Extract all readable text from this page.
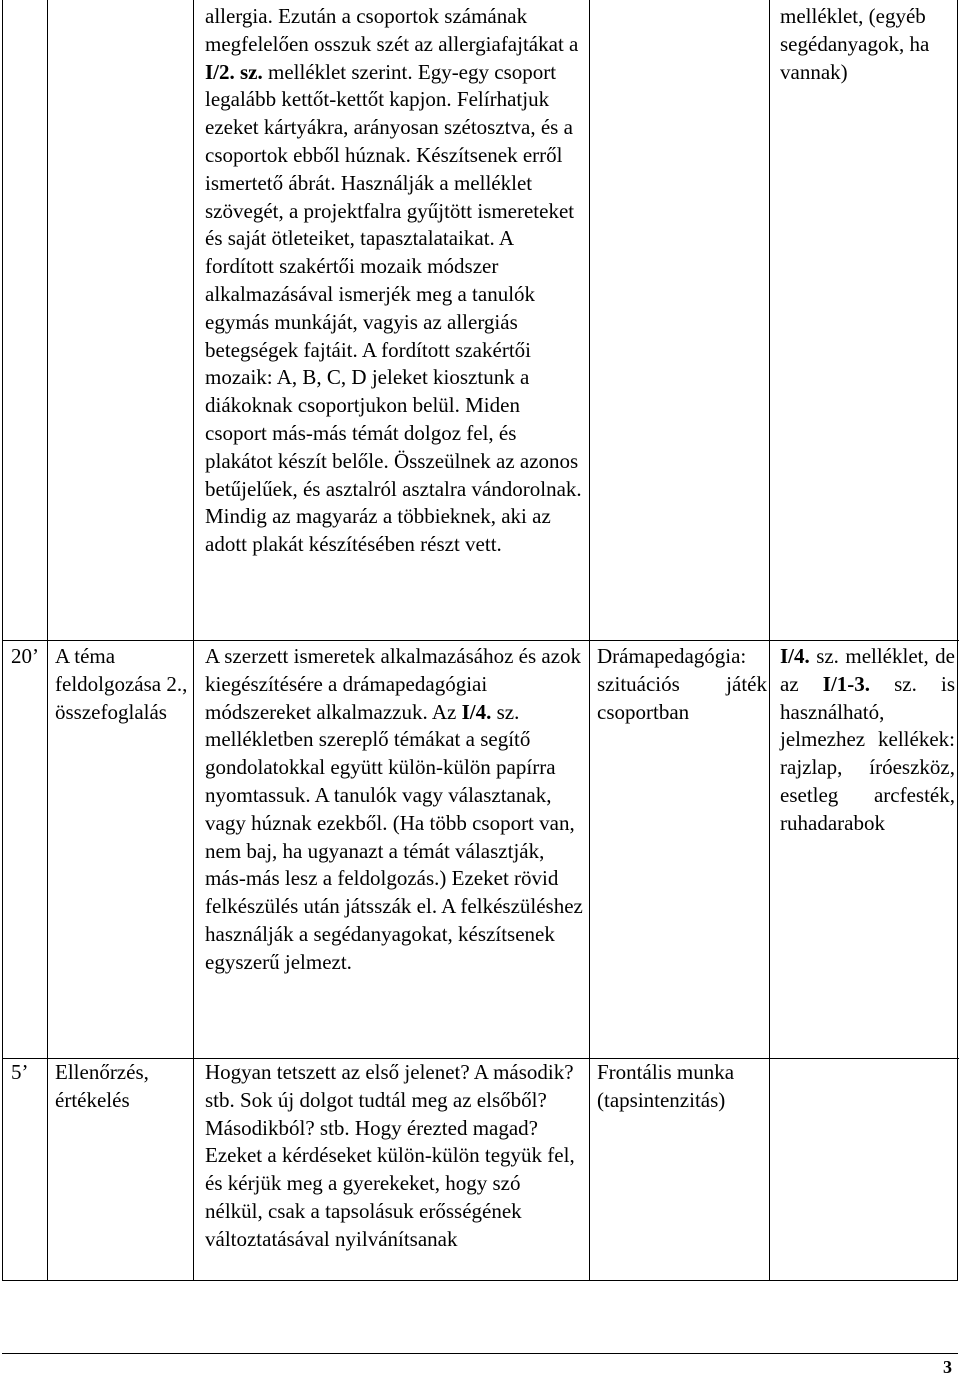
allergia. Ezután a csoportok számának megfelelően osszuk szét az allergiafajtákat a I/2. sz. melléklet szerint. Egy-egy csoport legalább kettőt-kettőt kapjon. Felírhatjuk ezeket kártyákra, arányosan szétosztva, és a csoportok ebből húznak. Készítsenek erről ismertető ábrát. Használják a melléklet szövegét, a projektfalra gyűjtött ismereteket és saját ötleteiket, tapasztalataikat. A fordított szakértői mozaik módszer alkalmazásával ismerjék meg a tanulók egymás munkáját, vagyis az allergiás betegségek fajtáit. A fordított szakértői mozaik: A, B, C, D jeleket kiosztunk a diákoknak csoportjukon belül. Miden csoport más-más témát dolgoz fel, és plakátot készít belőle. Összeülnek az azonos betűjelűek, és asztalról asztalra vándorolnak. Mindig az magyaráz a többieknek, aki az adott plakát készítésében részt vett.
melléklet, (egyéb segédanyagok, ha vannak)
20’ A téma feldolgozása 2., összefoglalás
A szerzett ismeretek alkalmazásához és azok kiegészítésére a drámapedagógiai módszereket alkalmazzuk. Az I/4. sz. mellékletben szereplő témákat a segítő gondolatokkal együtt külön-külön papírra nyomtassuk. A tanulók vagy választanak, vagy húznak ezekből. (Ha több csoport van, nem baj, ha ugyanazt a témát választják, más-más lesz a feldolgozás.) Ezeket rövid felkészülés után játsszák el. A felkészüléshez használják a segédanyagokat, készítsenek egyszerű jelmezt.
Drámapedagógia: szituációs játék csoportban
I/4. sz. melléklet, de az I/1-3. sz. is használható, jelmezhez kellékek: rajzlap, íróeszköz, esetleg arcfesték, ruhadarabok
5’	Ellenőrzés, értékelés
Hogyan tetszett az első jelenet? A második? stb. Sok új dolgot tudtál meg az elsőből? Másodikból? stb. Hogy érezted magad? Ezeket a kérdéseket külön-külön tegyük fel, és kérjük meg a gyerekeket, hogy szó nélkül, csak a tapsolásuk erősségének változtatásával nyilvánítsanak
Frontális munka (tapsintenzitás)
3
